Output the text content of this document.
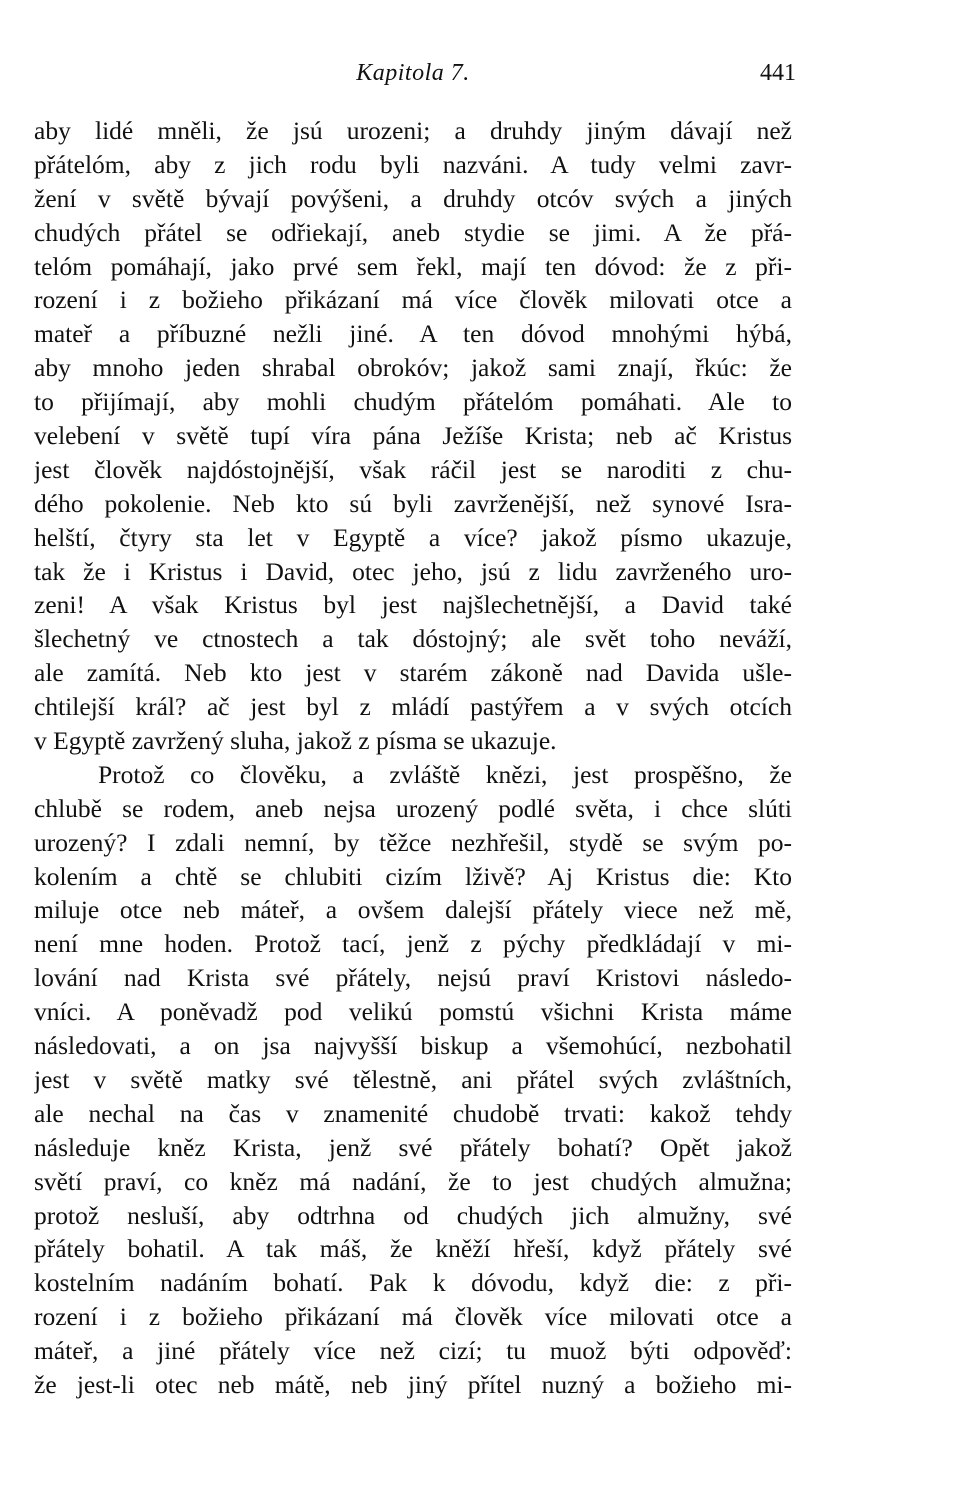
Kapitola 7.	441
aby lidé mněli, že jsú urozeni; a druhdy jiným dávají než
přátelóm, aby z jich rodu byli nazváni. A tudy velmi zavr-
žení v světě bývají povýšeni, a druhdy otcóv svých a jiných
chudých přátel se odřiekají, aneb stydie se jimi. A že přá-
telóm pomáhají, jako prvé sem řekl, mají ten dóvod: že z při-
rození i z božieho přikázaní má více člověk milovati otce a
mateř a příbuzné nežli jiné. A ten dóvod mnohými hýbá,
aby mnoho jeden shrabal obrokóv; jakož sami znají, řkúc: že
to přijímají, aby mohli chudým přátelóm pomáhati. Ale to
velebení v světě tupí víra pána Ježíše Krista; neb ač Kristus
jest člověk najdóstojnější, však ráčil jest se naroditi z chu-
dého pokolenie. Neb kto sú byli zavrženější, než synové Isra-
helští, čtyry sta let v Egyptě a více? jakož písmo ukazuje,
tak že i Kristus i David, otec jeho, jsú z lidu zavrženého uro-
zeni! A však Kristus byl jest najšlechetnější, a David také
šlechetný ve ctnostech a tak dóstojný; ale svět toho neváží,
ale zamítá. Neb kto jest v starém zákoně nad Davida ušle-
chtilejší král? ač jest byl z mládí pastýřem a v svých otcích
v Egyptě zavržený sluha, jakož z písma se ukazuje.
Protož co člověku, a zvláště knězi, jest prospěšno, že
chlubě se rodem, aneb nejsa urozený podlé světa, i chce slúti
urozený? I zdali nemní, by těžce nezhřešil, stydě se svým po-
kolením a chtě se chlubiti cizím lživě? Aj Kristus die: Kto
miluje otce neb máteř, a ovšem dalejší přátely viece než mě,
není mne hoden. Protož tací, jenž z pýchy předkládají v mi-
lování nad Krista své přátely, nejsú praví Kristovi následo-
vníci. A poněvadž pod velikú pomstú všichni Krista máme
následovati, a on jsa najvyšší biskup a všemohúcí, nezbohatil
jest v světě matky své tělestně, ani přátel svých zvláštních,
ale nechal na čas v znamenité chudobě trvati: kakož tehdy
následuje kněz Krista, jenž své přátely bohatí? Opět jakož
světí praví, co kněz má nadání, že to jest chudých almužna;
protož nesluší, aby odtrhna od chudých jich almužny, své
přátely bohatil. A tak máš, že kněží hřeší, když přátely své
kostelním nadáním bohatí. Pak k dóvodu, když die: z při-
rození i z božieho přikázaní má člověk více milovati otce a
máteř, a jiné přátely více než cizí; tu muož býti odpověď:
že jest-li otec neb mátě, neb jiný přítel nuzný a božieho mi-
